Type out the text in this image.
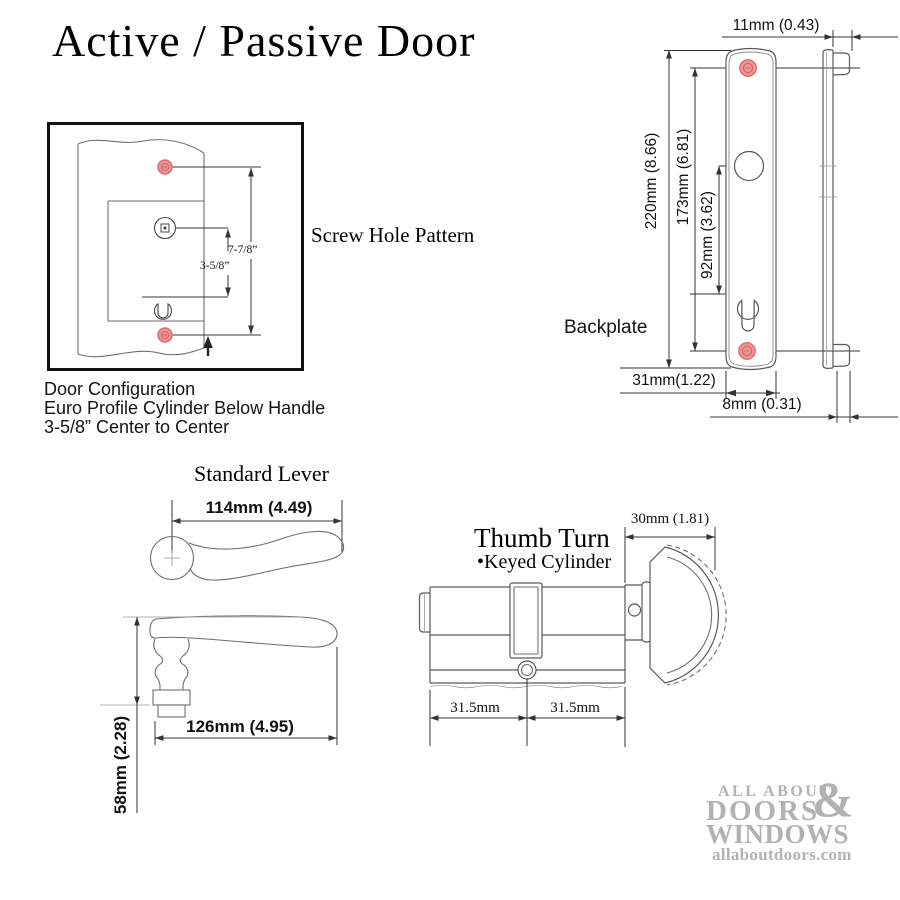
Active / Passive Door
7-7/8”
3-5/8”
Screw Hole Pattern
Door Configuration
Euro Profile Cylinder Below Handle
3-5/8” Center to Center
Backplate
11mm (0.43)
220mm (8.66) 173mm (6.81)
92mm (3.62)
31mm(1.22)
8mm (0.31)
Standard Lever
114mm (4.49)
58mm (2.28)	126mm (4.95)
Thumb Turn
•Keyed Cylinder
30mm (1.81)
31.5mm	31.5mm
ALL ABOUT
&
DOORS
WINDOWS
allaboutdoors.com
